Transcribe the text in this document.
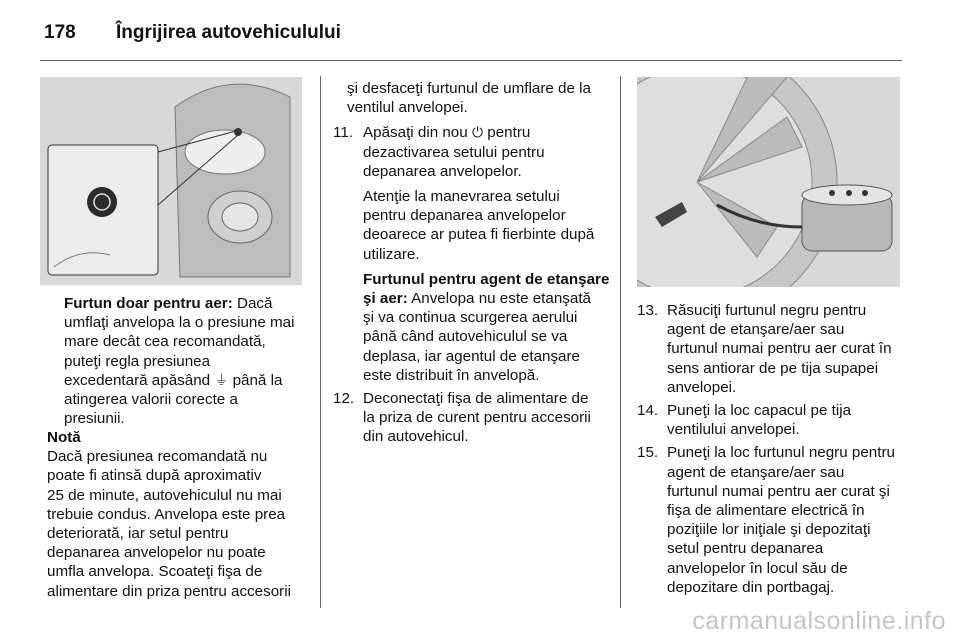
178 Îngrijirea autovehiculului

Furtun doar pentru aer: Dacă

umflaţi anvelopa la o presiune mai

mare decât cea recomandată,

puteţi regla presiunea

excedentară apăsând ⏚ până la

atingerea valorii corecte a

presiunii.

Notă

Dacă presiunea recomandată nu

poate fi atinsă după aproximativ

25 de minute, autovehiculul nu mai

trebuie condus. Anvelopa este prea

deteriorată, iar setul pentru

depanarea anvelopelor nu poate

umfla anvelopa. Scoateţi fişa de

alimentare din priza pentru accesorii

şi desfaceţi furtunul de umflare de la

ventilul anvelopei.

11. Apăsaţi din nou ⏻ pentru

dezactivarea setului pentru

depanarea anvelopelor.

Atenţie la manevrarea setului

pentru depanarea anvelopelor

deoarece ar putea fi fierbinte după

utilizare.

Furtunul pentru agent de etanşare

şi aer: Anvelopa nu este etanşată

şi va continua scurgerea aerului

până când autovehiculul se va

deplasa, iar agentul de etanşare

este distribuit în anvelopă.

12. Deconectaţi fişa de alimentare de

la priza de curent pentru accesorii

din autovehicul.

13. Răsuciţi furtunul negru pentru

agent de etanşare/aer sau

furtunul numai pentru aer curat în

sens antiorar de pe tija supapei

anvelopei.

14. Puneţi la loc capacul pe tija

ventilului anvelopei.

15. Puneţi la loc furtunul negru pentru

agent de etanşare/aer sau

furtunul numai pentru aer curat şi

fişa de alimentare electrică în

poziţiile lor iniţiale şi depozitaţi

setul pentru depanarea

anvelopelor în locul său de

depozitare din portbagaj.

carmanualsonline.info
